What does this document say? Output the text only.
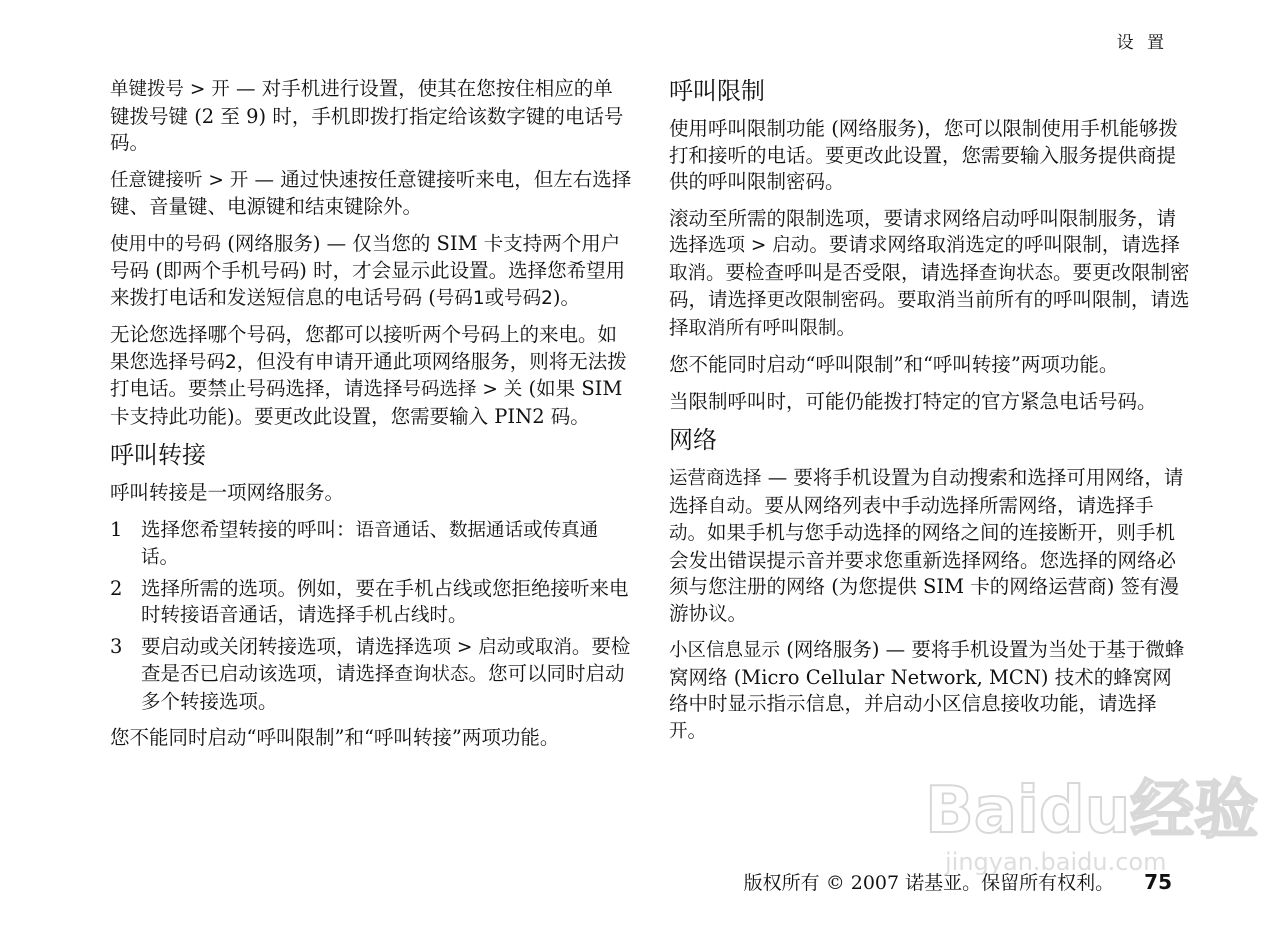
设 置

单键拨号 > 开 — 对手机进行设置，使其在您按住相应的单键拨号键 (2 至 9) 时，手机即拨打指定给该数字键的电话号码。

任意键接听 > 开 — 通过快速按任意键接听来电，但左右选择键、音量键、电源键和结束键除外。

使用中的号码 (网络服务) — 仅当您的 SIM 卡支持两个用户号码 (即两个手机号码) 时，才会显示此设置。选择您希望用来拨打电话和发送短信息的电话号码 (号码1或号码2)。

无论您选择哪个号码，您都可以接听两个号码上的来电。如果您选择号码2，但没有申请开通此项网络服务，则将无法拨打电话。要禁止号码选择，请选择号码选择 > 关 (如果 SIM 卡支持此功能)。要更改此设置，您需要输入 PIN2 码。

呼叫转接

呼叫转接是一项网络服务。

1 选择您希望转接的呼叫：语音通话、数据通话或传真通话。
2 选择所需的选项。例如，要在手机占线或您拒绝接听来电时转接语音通话，请选择手机占线时。
3 要启动或关闭转接选项，请选择选项 > 启动或取消。要检查是否已启动该选项，请选择查询状态。您可以同时启动多个转接选项。

您不能同时启动“呼叫限制”和“呼叫转接”两项功能。

呼叫限制

使用呼叫限制功能 (网络服务)，您可以限制使用手机能够拨打和接听的电话。要更改此设置，您需要输入服务提供商提供的呼叫限制密码。

滚动至所需的限制选项，要请求网络启动呼叫限制服务，请选择选项 > 启动。要请求网络取消选定的呼叫限制，请选择取消。要检查呼叫是否受限，请选择查询状态。要更改限制密码，请选择更改限制密码。要取消当前所有的呼叫限制，请选择取消所有呼叫限制。

您不能同时启动“呼叫限制”和“呼叫转接”两项功能。

当限制呼叫时，可能仍能拨打特定的官方紧急电话号码。

网络

运营商选择 — 要将手机设置为自动搜索和选择可用网络，请选择自动。要从网络列表中手动选择所需网络，请选择手动。如果手机与您手动选择的网络之间的连接断开，则手机会发出错误提示音并要求您重新选择网络。您选择的网络必须与您注册的网络 (为您提供 SIM 卡的网络运营商) 签有漫游协议。

小区信息显示 (网络服务) — 要将手机设置为当处于基于微蜂窝网络 (Micro Cellular Network, MCN) 技术的蜂窝网络中时显示指示信息，并启动小区信息接收功能，请选择开。

Baidu经验
jingyan.baidu.com
版权所有 © 2007 诺基亚。保留所有权利。 75
